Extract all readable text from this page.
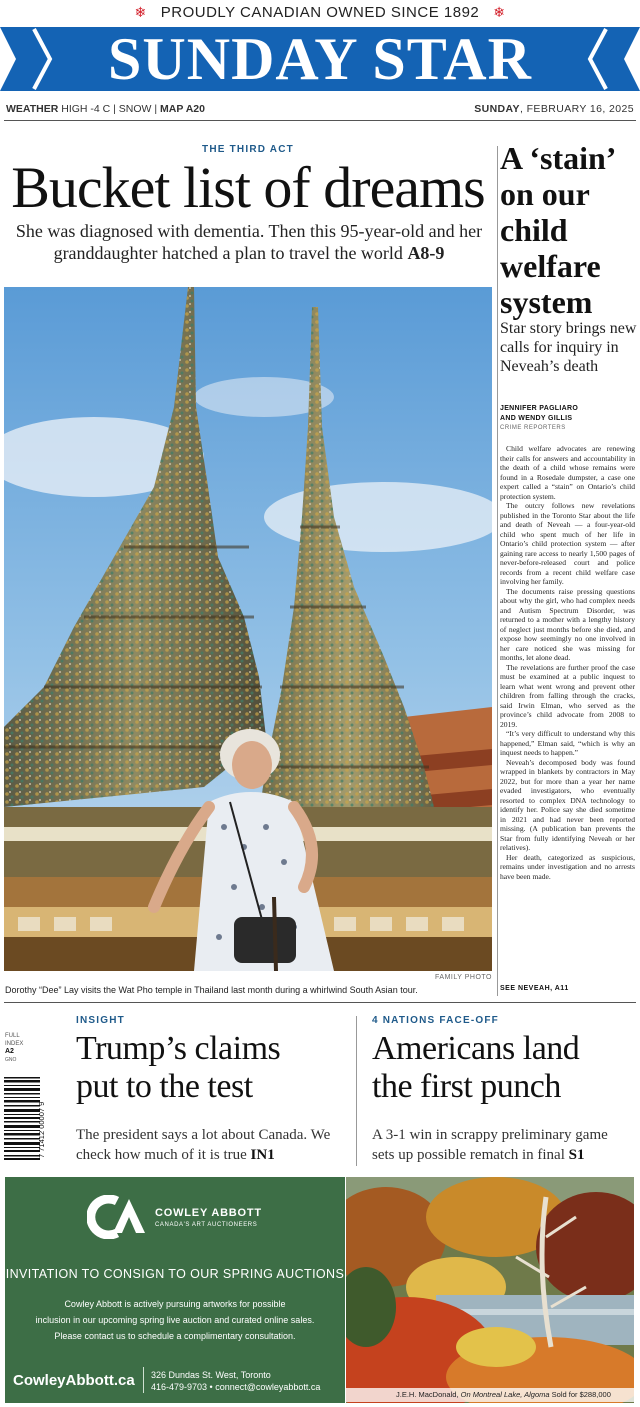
❄ PROUDLY CANADIAN OWNED SINCE 1892 ❄
SUNDAY STAR
WEATHER HIGH -4 C | SNOW | MAP A20	SUNDAY, FEBRUARY 16, 2025
THE THIRD ACT
Bucket list of dreams
She was diagnosed with dementia. Then this 95-year-old and her granddaughter hatched a plan to travel the world A8-9
FAMILY PHOTO
Dorothy “Dee” Lay visits the Wat Pho temple in Thailand last month during a whirlwind South Asian tour.
A ‘stain’ on our child welfare system
Star story brings new calls for inquiry in Neveah’s death
JENNIFER PAGLIARO
AND WENDY GILLIS
CRIME REPORTERS

Child welfare advocates are renewing their calls for answers and accountability in the death of a child whose remains were found in a Rosedale dumpster, a case one expert called a “stain” on Ontario’s child protection system.

The outcry follows new revelations published in the Toronto Star about the life and death of Neveah — a four-year-old child who spent much of her life in Ontario’s child protection system — after gaining rare access to nearly 1,500 pages of never-before-released court and police records from a recent child welfare case involving her family.

The documents raise pressing questions about why the girl, who had complex needs and Autism Spectrum Disorder, was returned to a mother with a lengthy history of neglect just months before she died, and expose how seemingly no one involved in her care noticed she was missing for months, let alone dead.

The revelations are further proof the case must be examined at a public inquest to learn what went wrong and prevent other children from falling through the cracks, said Irwin Elman, who served as the province’s child advocate from 2008 to 2019.

“It’s very difficult to understand why this happened,” Elman said, “which is why an inquest needs to happen.”

Neveah’s decomposed body was found wrapped in blankets by contractors in May 2022, but for more than a year her name evaded investigators, who eventually resorted to complex DNA technology to identify her. Police say she died sometime in 2021 and had never been reported missing. (A publication ban prevents the Star from fully identifying Neveah or her relatives).

Her death, categorized as suspicious, remains under investigation and no arrests have been made.

SEE NEVEAH, A11
FULL
INDEX
A2
GNO
7 71412 00007 9
INSIGHT
Trump’s claims
put to the test
The president says a lot about Canada. We check how much of it is true IN1
4 NATIONS FACE-OFF
Americans land
the first punch
A 3-1 win in scrappy preliminary game sets up possible rematch in final S1
COWLEY ABBOTT
CANADA'S ART AUCTIONEERS
INVITATION TO CONSIGN TO OUR SPRING AUCTIONS
Cowley Abbott is actively pursuing artworks for possible
inclusion in our upcoming spring live auction and curated online sales.
Please contact us to schedule a complimentary consultation.
CowleyAbbott.ca 326 Dundas St. West, Toronto
416-479-9703 • connect@cowleyabbott.ca
J.E.H. MacDonald, On Montreal Lake, Algoma Sold for $288,000
